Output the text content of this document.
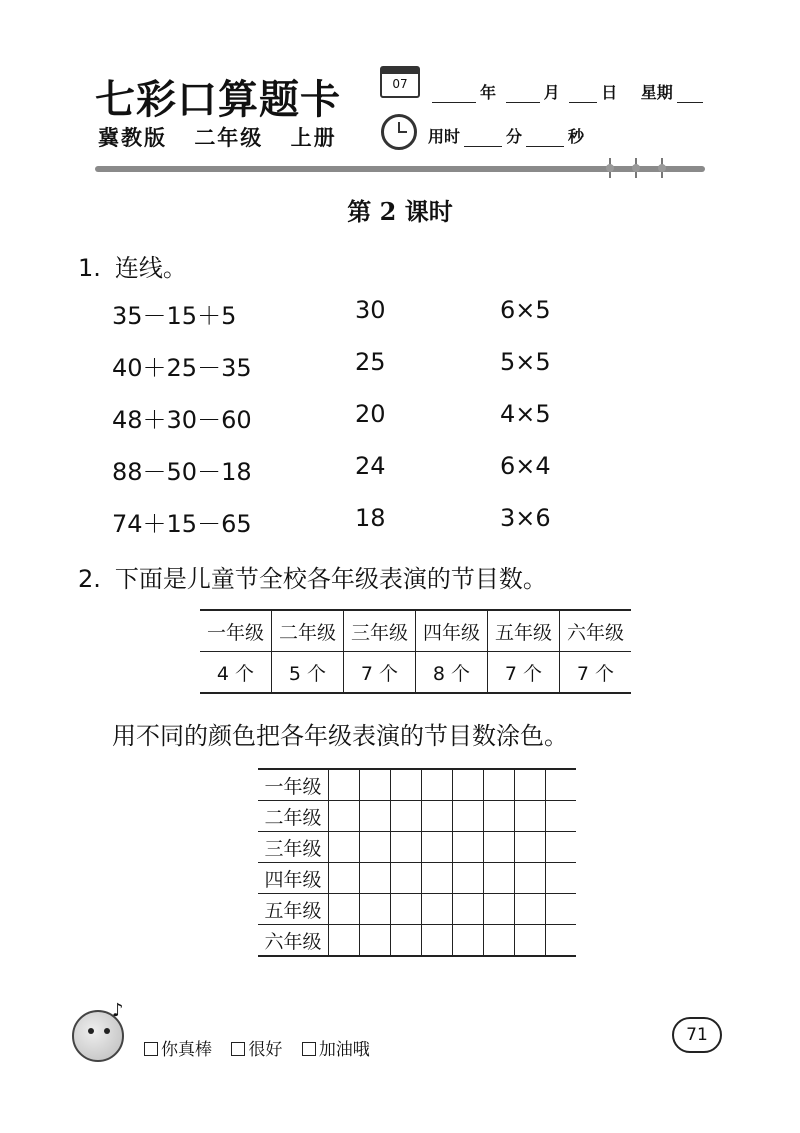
七彩口算题卡
冀教版 二年级 上册
07	年	月	日 星期
用时	分	秒
第 2 课时
1. 连线。
35－15＋5	30	6×5
40＋25－35	25	5×5
48＋30－60	20	4×5
88－50－18	24	6×4
74＋15－65	18	3×6
2. 下面是儿童节全校各年级表演的节目数。
一年级	二年级	三年级	四年级	五年级	六年级
4 个	5 个	7 个	8 个	7 个	7 个
用不同的颜色把各年级表演的节目数涂色。
一年级								
二年级								
三年级								
四年级								
五年级								
六年级								
♪
你真棒 很好 加油哦
71
